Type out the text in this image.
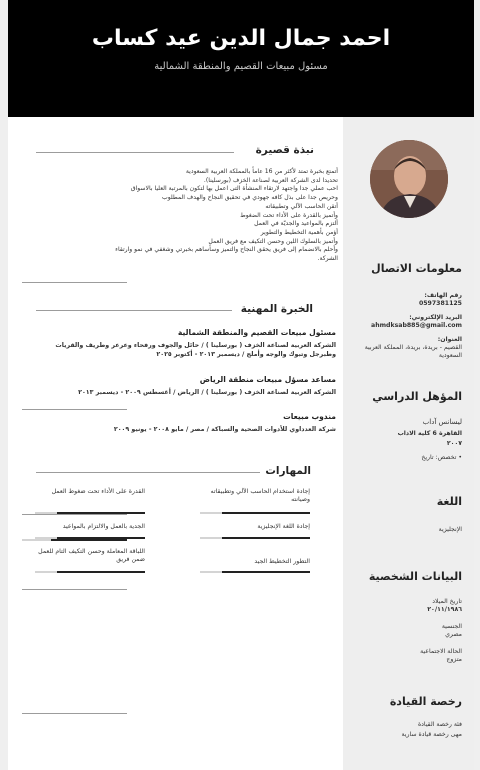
احمد جمال الدين عيد كساب
مسئول مبيعات القصيم والمنطقة الشمالية
معلومات الاتصال
رقم الهاتف:
0597381125
البريد الإلكتروني:
ahmdksab885@gmail.com
العنوان:
القصيم - بريدة، بريدة، المملكة العربية السعودية
المؤهل الدراسي
ليسانس آداب
القاهرة 6 كلية الاداب
٢٠٠٧
• تخصص: تاريخ
اللغة
الإنجليزية
البيانات الشخصية
تاريخ الميلاد
٢٠/١١/١٩٨٦
الجنسية
مصري
الحالة الاجتماعية
متزوج
رخصة القيادة
فئة رخصة القيادة
مهى رخصة قيادة سارية
نبذة قصيرة
أتمتع بخبرة تمتد لأكثر من 16 عاماً بالمملكة العربية السعودية
تحديدا لدى الشركة العربية لصناعة الخزف (بورسلينا).
احب عملي جدا واجتهد لارتقاء المنشأة التى اعمل بها لتكون بالمرتبة العليا بالاسواق
وحريص جدا على بذل كافه جهودي في تحقيق النجاح والهدف المطلوب
أتقن الحاسب الآلي وتطبيقاته
وأتميز بالقدرة على الأداء تحت الضغوط
ألتزم بالمواعيد والجديّة في العمل
أؤمن بأهمية التخطيط والتطوير
وأتميز بالسلوك اللين وحسن التكيف مع فريق العمل
وأحلم بالانضمام إلى فريق يحقق النجاح والتميز وسأساهم بخبرتي وشغفي في نمو وارتقاء
الشركة.
الخبرة المهنية
مسئول مبيعات القصيم والمنطقة الشمالية
الشركة العربية لصناعة الخزف ( بورسلينا ) / حائل والجوف ورفحاء وعرعر وطريف والقريات وطبرجل وتبوك والوجه وأملج / ديسمبر ٢٠١٣ - أكتوبر ٢٠٢٥
مساعد مسؤل مبيعات منطقة الرياض
الشركة العربية لصناعة الخزف ( بورسلينا ) / الرياض / أغسطس ٢٠٠٩ - ديسمبر ٢٠١٣
مندوب مبيعات
شركة العدداوي للأدوات الصحية والسباكة / مصر / مايو ٢٠٠٨ - يونيو ٢٠٠٩
المهارات
إجادة استخدام الحاسب الآلي وتطبيقاته وصيانته
القدرة على الأداء تحت ضغوط العمل
إجادة اللغة الإنجليزية
الجدية بالعمل والالتزام بالمواعيد
التطور التخطيط الجيد
اللباقة المعاملة وحسن التكيف التام للعمل ضمن فريق
